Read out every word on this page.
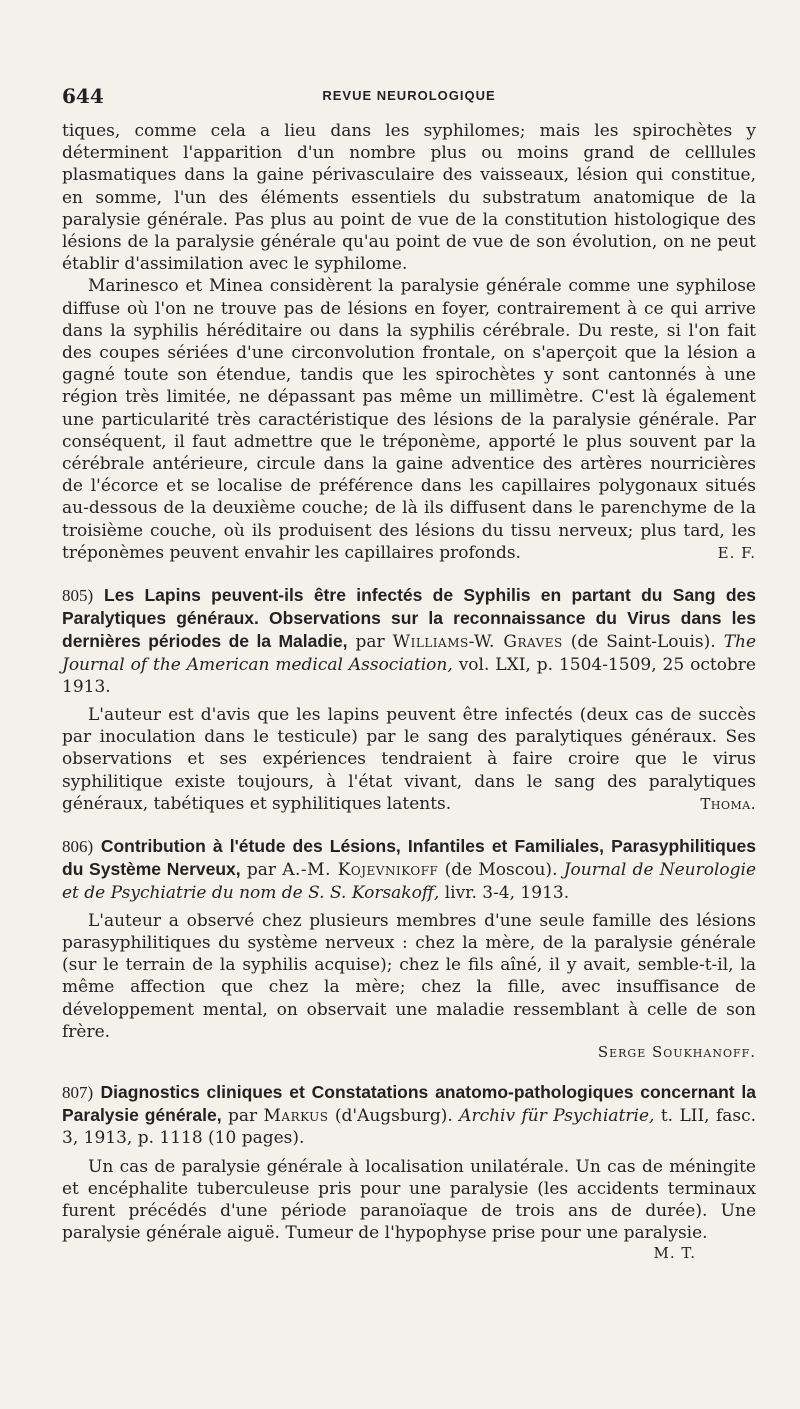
644	REVUE NEUROLOGIQUE

tiques, comme cela a lieu dans les syphilomes; mais les spirochètes y déterminent l'apparition d'un nombre plus ou moins grand de celllules plasmatiques dans la gaine périvasculaire des vaisseaux, lésion qui constitue, en somme, l'un des éléments essentiels du substratum anatomique de la paralysie générale. Pas plus au point de vue de la constitution histologique des lésions de la paralysie générale qu'au point de vue de son évolution, on ne peut établir d'assimilation avec le syphilome.

Marinesco et Minea considèrent la paralysie générale comme une syphilose diffuse où l'on ne trouve pas de lésions en foyer, contrairement à ce qui arrive dans la syphilis héréditaire ou dans la syphilis cérébrale. Du reste, si l'on fait des coupes sériées d'une circonvolution frontale, on s'aperçoit que la lésion a gagné toute son étendue, tandis que les spirochètes y sont cantonnés à une région très limitée, ne dépassant pas même un millimètre. C'est là également une particularité très caractéristique des lésions de la paralysie générale. Par conséquent, il faut admettre que le tréponème, apporté le plus souvent par la cérébrale antérieure, circule dans la gaine adventice des artères nourricières de l'écorce et se localise de préférence dans les capillaires polygonaux situés au-dessous de la deuxième couche; de là ils diffusent dans le parenchyme de la troisième couche, où ils produisent des lésions du tissu nerveux; plus tard, les tréponèmes peuvent envahir les capillaires profonds.	E. F.

805) Les Lapins peuvent-ils être infectés de Syphilis en partant du Sang des Paralytiques généraux. Observations sur la reconnaissance du Virus dans les dernières périodes de la Maladie, par Williams-W. Graves (de Saint-Louis). The Journal of the American medical Association, vol. LXI, p. 1504-1509, 25 octobre 1913.

L'auteur est d'avis que les lapins peuvent être infectés (deux cas de succès par inoculation dans le testicule) par le sang des paralytiques généraux. Ses observations et ses expériences tendraient à faire croire que le virus syphilitique existe toujours, à l'état vivant, dans le sang des paralytiques généraux, tabétiques et syphilitiques latents.	Thoma.

806) Contribution à l'étude des Lésions, Infantiles et Familiales, Parasyphilitiques du Système Nerveux, par A.-M. Kojevnikoff (de Moscou). Journal de Neurologie et de Psychiatrie du nom de S. S. Korsakoff, livr. 3-4, 1913.

L'auteur a observé chez plusieurs membres d'une seule famille des lésions parasyphilitiques du système nerveux : chez la mère, de la paralysie générale (sur le terrain de la syphilis acquise); chez le fils aîné, il y avait, semble-t-il, la même affection que chez la mère; chez la fille, avec insuffisance de développement mental, on observait une maladie ressemblant à celle de son frère.

Serge Soukhanoff.
807) Diagnostics cliniques et Constatations anatomo-pathologiques concernant la Paralysie générale, par Markus (d'Augsburg). Archiv für Psychiatrie, t. LII, fasc. 3, 1913, p. 1118 (10 pages).

Un cas de paralysie générale à localisation unilatérale. Un cas de méningite et encéphalite tuberculeuse pris pour une paralysie (les accidents terminaux furent précédés d'une période paranoïaque de trois ans de durée). Une paralysie générale aiguë. Tumeur de l'hypophyse prise pour une paralysie.

M. T.
